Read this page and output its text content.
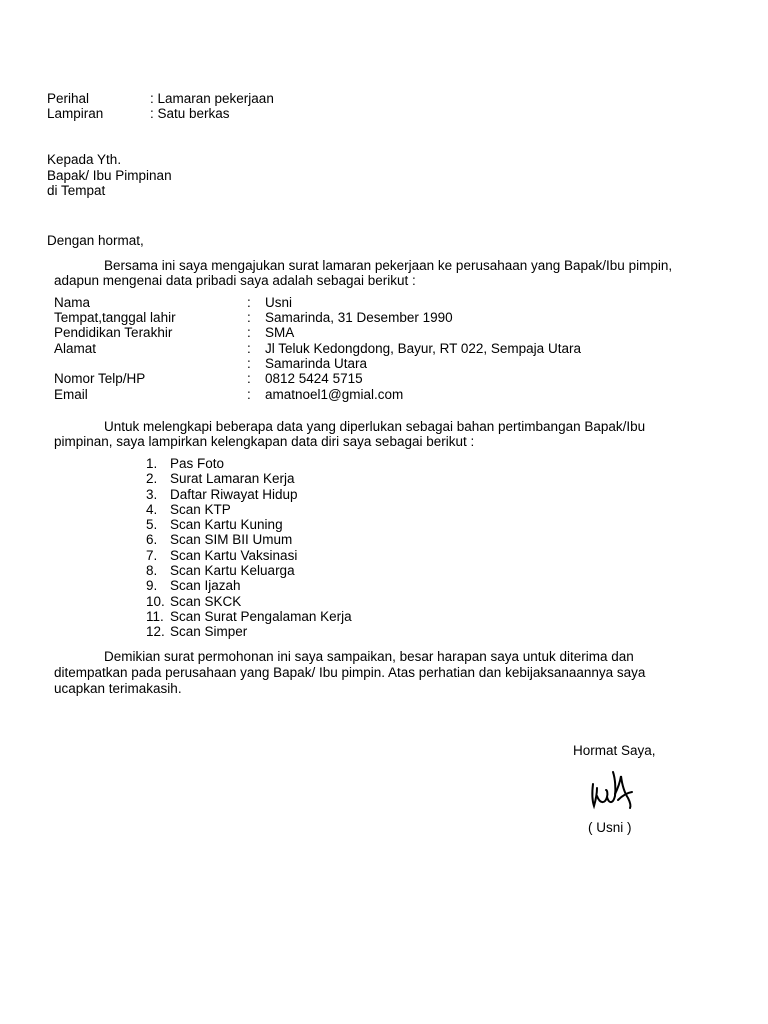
Perihal	: Lamaran pekerjaan
Lampiran	: Satu berkas
Kepada Yth.
Bapak/ Ibu Pimpinan
di Tempat
Dengan hormat,
Bersama ini saya mengajukan surat lamaran pekerjaan ke perusahaan yang Bapak/Ibu pimpin,
adapun mengenai data pribadi saya adalah sebagai berikut :
Nama	: Usni
Tempat,tanggal lahir	: Samarinda, 31 Desember 1990
Pendidikan Terakhir	: SMA
Alamat	: Jl Teluk Kedongdong, Bayur, RT 022, Sempaja Utara
: Samarinda Utara
Nomor Telp/HP	: 0812 5424 5715
Email	: amatnoel1@gmial.com
Untuk melengkapi beberapa data yang diperlukan sebagai bahan pertimbangan Bapak/Ibu
pimpinan, saya lampirkan kelengkapan data diri saya sebagai berikut :
1. Pas Foto
2. Surat Lamaran Kerja
3. Daftar Riwayat Hidup
4. Scan KTP
5. Scan Kartu Kuning
6. Scan SIM BII Umum
7. Scan Kartu Vaksinasi
8. Scan Kartu Keluarga
9. Scan Ijazah
10. Scan SKCK
11. Scan Surat Pengalaman Kerja
12. Scan Simper
Demikian surat permohonan ini saya sampaikan, besar harapan saya untuk diterima dan
ditempatkan pada perusahaan yang Bapak/ Ibu pimpin. Atas perhatian dan kebijaksanaannya saya
ucapkan terimakasih.
Hormat Saya,
( Usni )
